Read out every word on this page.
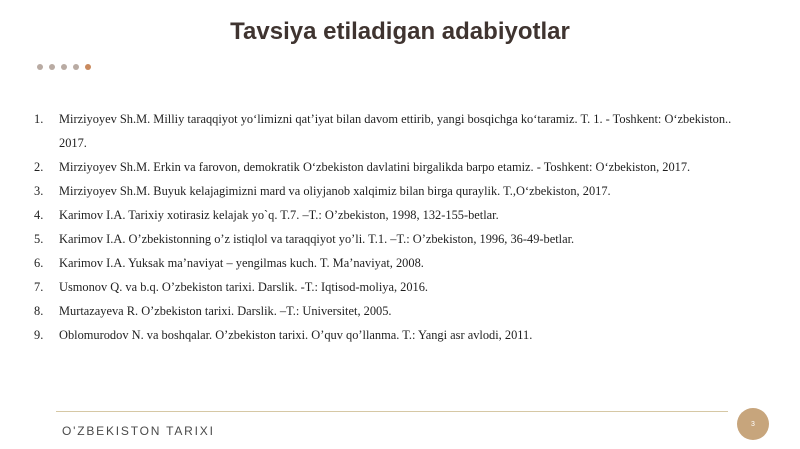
Tavsiya etiladigan adabiyotlar
1.	Mirziyoyev Sh.M. Milliy taraqqiyot yo‘limizni qat’iyat bilan davom ettirib, yangi bosqichga ko‘taramiz. T. 1. - Toshkent: O‘zbekiston.. 2017.
2.	Mirziyoyev Sh.M. Erkin va farovon, demokratik O‘zbekiston davlatini birgalikda barpo etamiz. - Toshkent: O‘zbekiston, 2017.
3.	Mirziyoyev Sh.M. Buyuk kelajagimizni mard va oliyjanob xalqimiz bilan birga quraylik. T.,O‘zbekiston, 2017.
4.	Karimov I.A. Tarixiy xotirasiz kelajak yo`q. T.7. –T.: O’zbekiston, 1998, 132-155-betlar.
5.	Karimov I.A. O’zbekistonning o’z istiqlol va taraqqiyot yo’li. T.1. –T.: O’zbekiston, 1996, 36-49-betlar.
6.	Karimov I.A. Yuksak ma’naviyat – yengilmas kuch. T. Ma’naviyat, 2008.
7.	Usmonov Q. va b.q. O’zbekiston tarixi. Darslik. -T.: Iqtisod-moliya, 2016.
8.	Murtazayeva R. O’zbekiston tarixi. Darslik. –T.: Universitet, 2005.
9.	Oblomurodov N. va boshqalar. O’zbekiston tarixi. O’quv qo’llanma. T.: Yangi asr avlodi, 2011.
O'ZBEKISTON TARIXI	3
